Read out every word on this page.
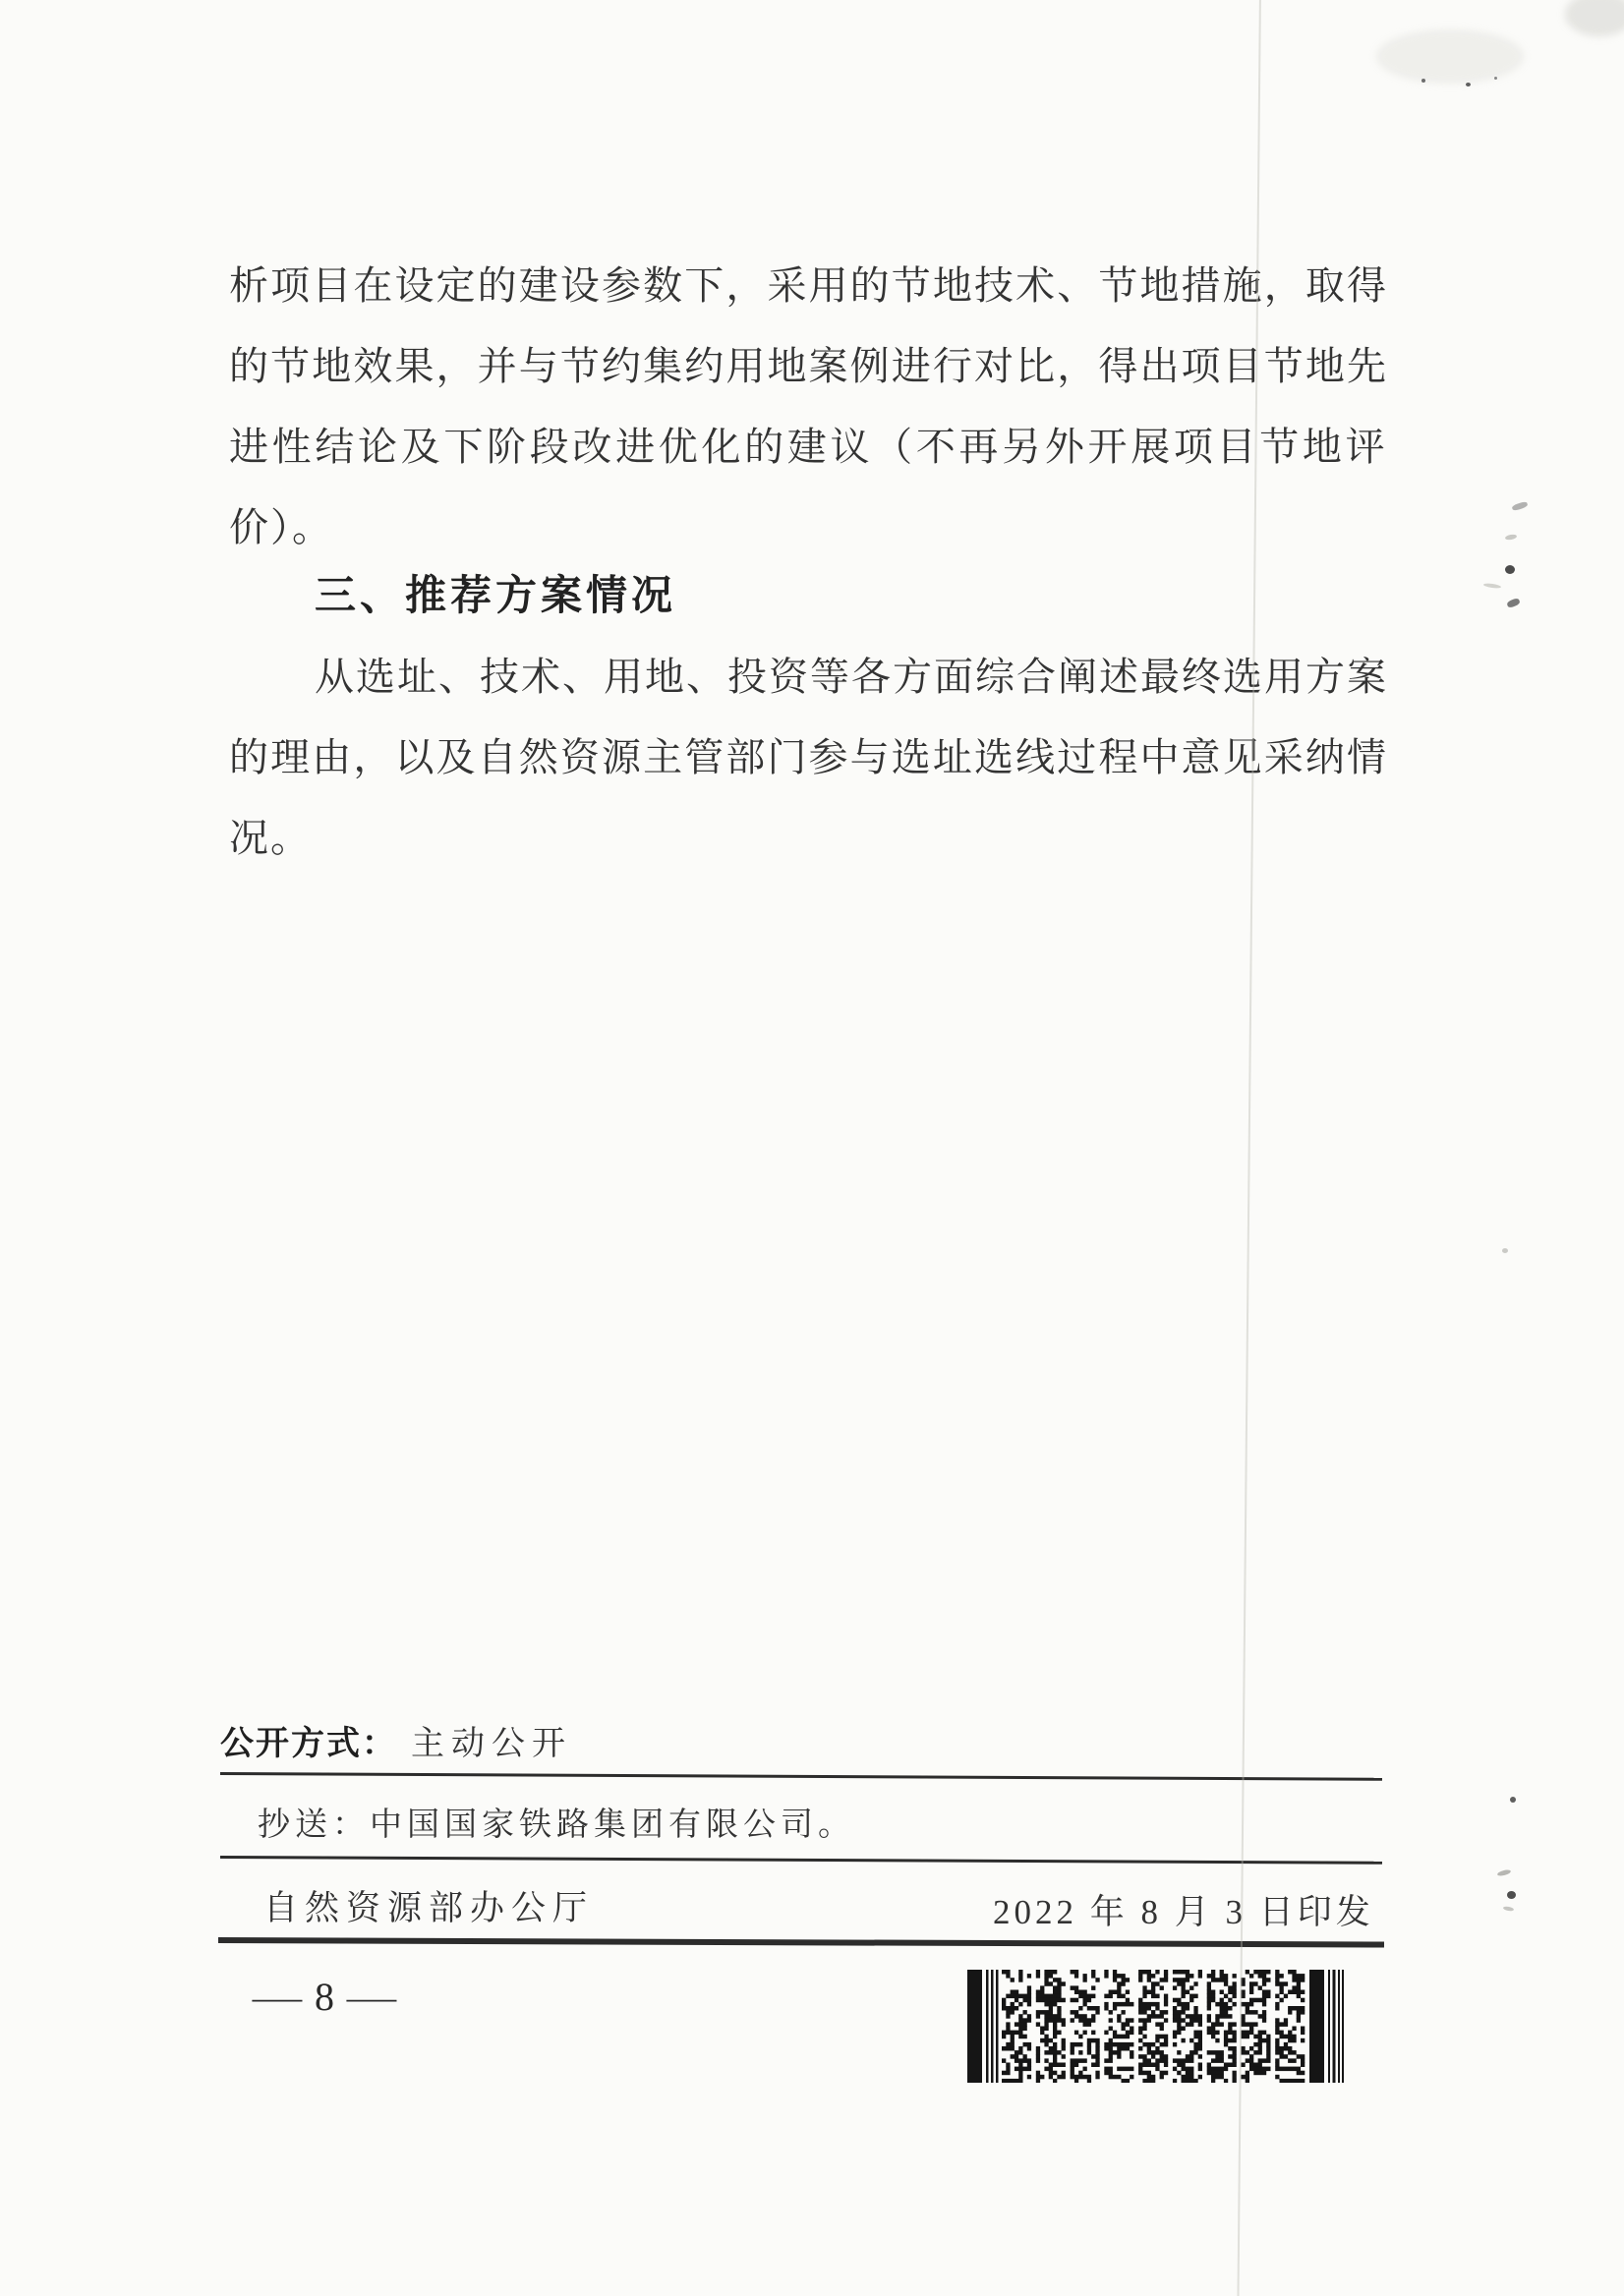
析项目在设定的建设参数下，采用的节地技术、节地措施，取得
的节地效果，并与节约集约用地案例进行对比，得出项目节地先
进性结论及下阶段改进优化的建议（不再另外开展项目节地评
价）。
三、推荐方案情况
从选址、技术、用地、投资等各方面综合阐述最终选用方案
的理由，以及自然资源主管部门参与选址选线过程中意见采纳情
况。
公开方式： 主动公开
抄送：中国国家铁路集团有限公司。
自然资源部办公厅	2022 年 8 月 3 日印发
— 8 —
